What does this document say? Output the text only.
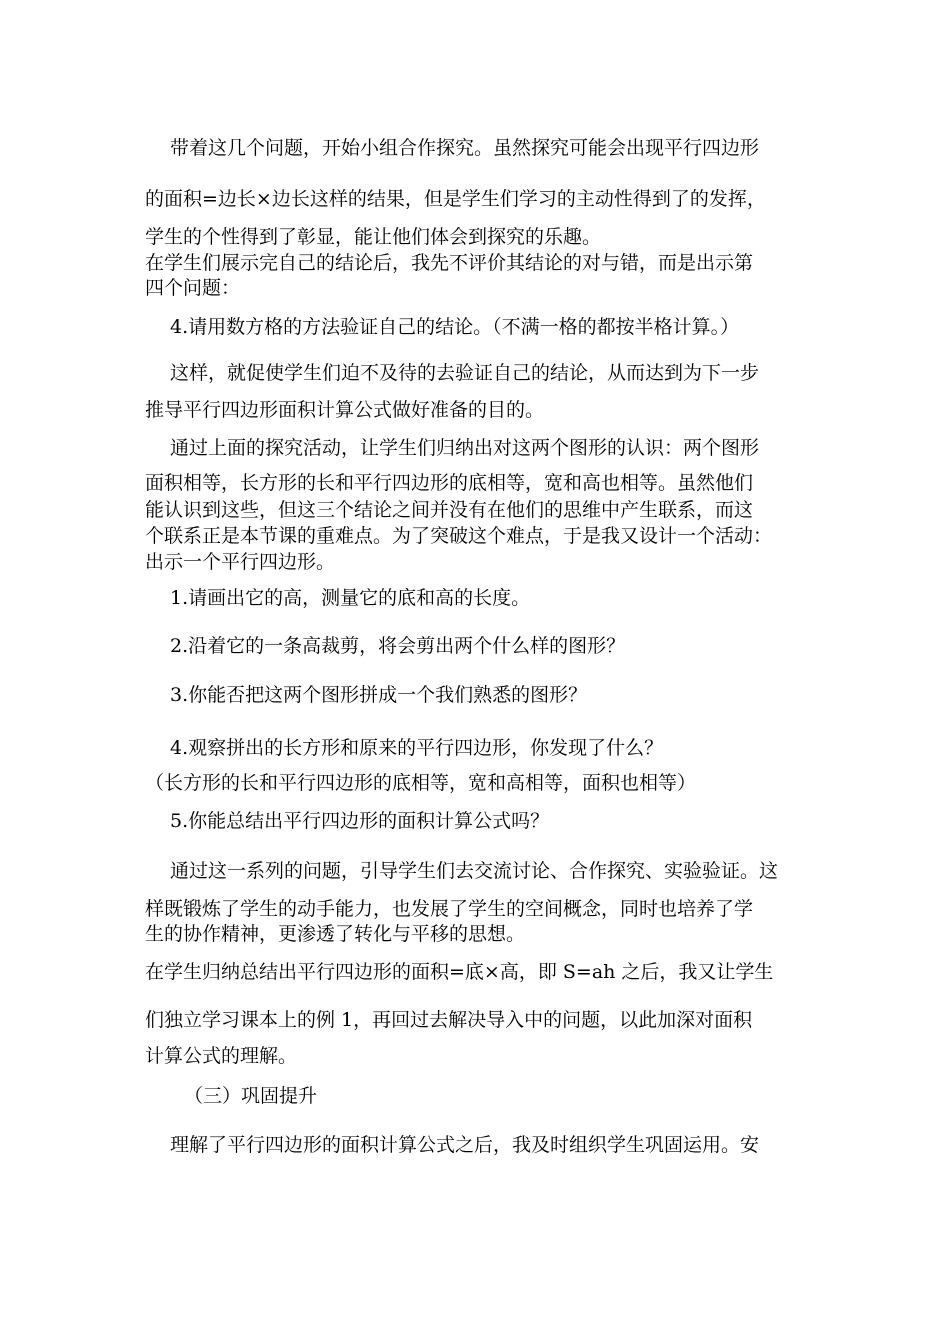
带着这几个问题，开始小组合作探究。虽然探究可能会出现平行四边形

的面积=边长×边长这样的结果，但是学生们学习的主动性得到了的发挥，

学生的个性得到了彰显，能让他们体会到探究的乐趣。

在学生们展示完自己的结论后，我先不评价其结论的对与错，而是出示第

四个问题：

4.请用数方格的方法验证自己的结论。（不满一格的都按半格计算。）

这样，就促使学生们迫不及待的去验证自己的结论，从而达到为下一步

推导平行四边形面积计算公式做好准备的目的。

通过上面的探究活动，让学生们归纳出对这两个图形的认识：两个图形

面积相等，长方形的长和平行四边形的底相等，宽和高也相等。虽然他们

能认识到这些，但这三个结论之间并没有在他们的思维中产生联系，而这

个联系正是本节课的重难点。为了突破这个难点，于是我又设计一个活动：

出示一个平行四边形。

1.请画出它的高，测量它的底和高的长度。

2.沿着它的一条高裁剪，将会剪出两个什么样的图形？

3.你能否把这两个图形拼成一个我们熟悉的图形？

4.观察拼出的长方形和原来的平行四边形，你发现了什么？

（长方形的长和平行四边形的底相等，宽和高相等，面积也相等）

5.你能总结出平行四边形的面积计算公式吗？

通过这一系列的问题，引导学生们去交流讨论、合作探究、实验验证。这

样既锻炼了学生的动手能力，也发展了学生的空间概念，同时也培养了学

生的协作精神，更渗透了转化与平移的思想。

在学生归纳总结出平行四边形的面积=底×高，即 S=ah 之后，我又让学生

们独立学习课本上的例 1，再回过去解决导入中的问题，以此加深对面积

计算公式的理解。

（三）巩固提升

理解了平行四边形的面积计算公式之后，我及时组织学生巩固运用。安
